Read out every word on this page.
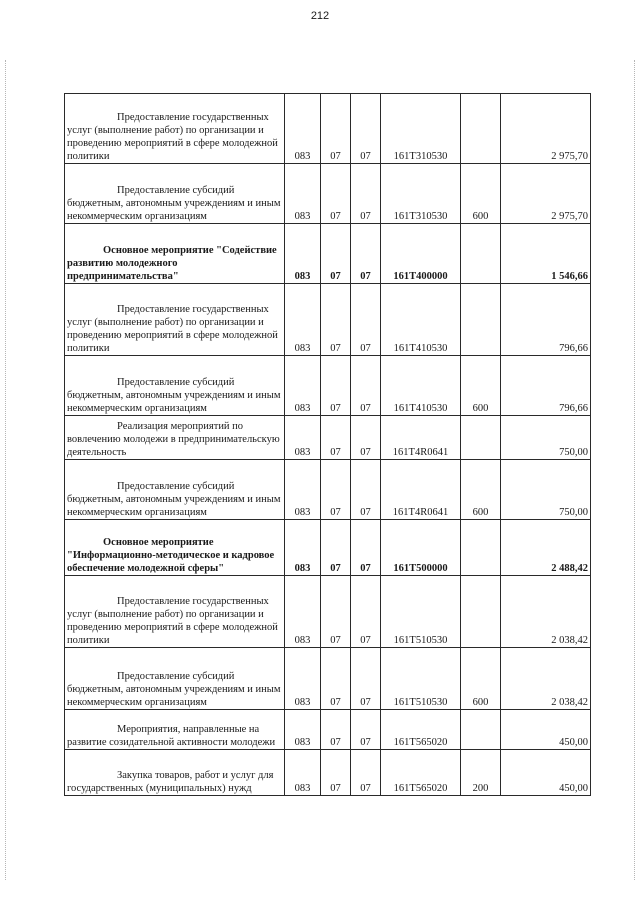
212
Предоставление государственных услуг (выполнение работ) по организации и проведению мероприятий в сфере молодежной политики	083	07	07	161Т310530		2 975,70

Предоставление субсидий бюджетным, автономным учреждениям и иным некоммерческим организациям	083	07	07	161Т310530	600	2 975,70

Основное мероприятие "Содействие развитию молодежного предпринимательства"	083	07	07	161Т400000		1 546,66

Предоставление государственных услуг (выполнение работ) по организации и проведению мероприятий в сфере молодежной политики	083	07	07	161Т410530		796,66

Предоставление субсидий бюджетным, автономным учреждениям и иным некоммерческим организациям	083	07	07	161Т410530	600	796,66

Реализация мероприятий по вовлечению молодежи в предпринимательскую деятельность	083	07	07	161Т4R0641		750,00

Предоставление субсидий бюджетным, автономным учреждениям и иным некоммерческим организациям	083	07	07	161Т4R0641	600	750,00

Основное мероприятие "Информационно-методическое и кадровое обеспечение молодежной сферы"	083	07	07	161Т500000		2 488,42

Предоставление государственных услуг (выполнение работ) по организации и проведению мероприятий в сфере молодежной политики	083	07	07	161Т510530		2 038,42

Предоставление субсидий бюджетным, автономным учреждениям и иным некоммерческим организациям	083	07	07	161Т510530	600	2 038,42

Мероприятия, направленные на развитие созидательной активности молодежи	083	07	07	161Т565020		450,00

Закупка товаров, работ и услуг для государственных (муниципальных) нужд	083	07	07	161Т565020	200	450,00
